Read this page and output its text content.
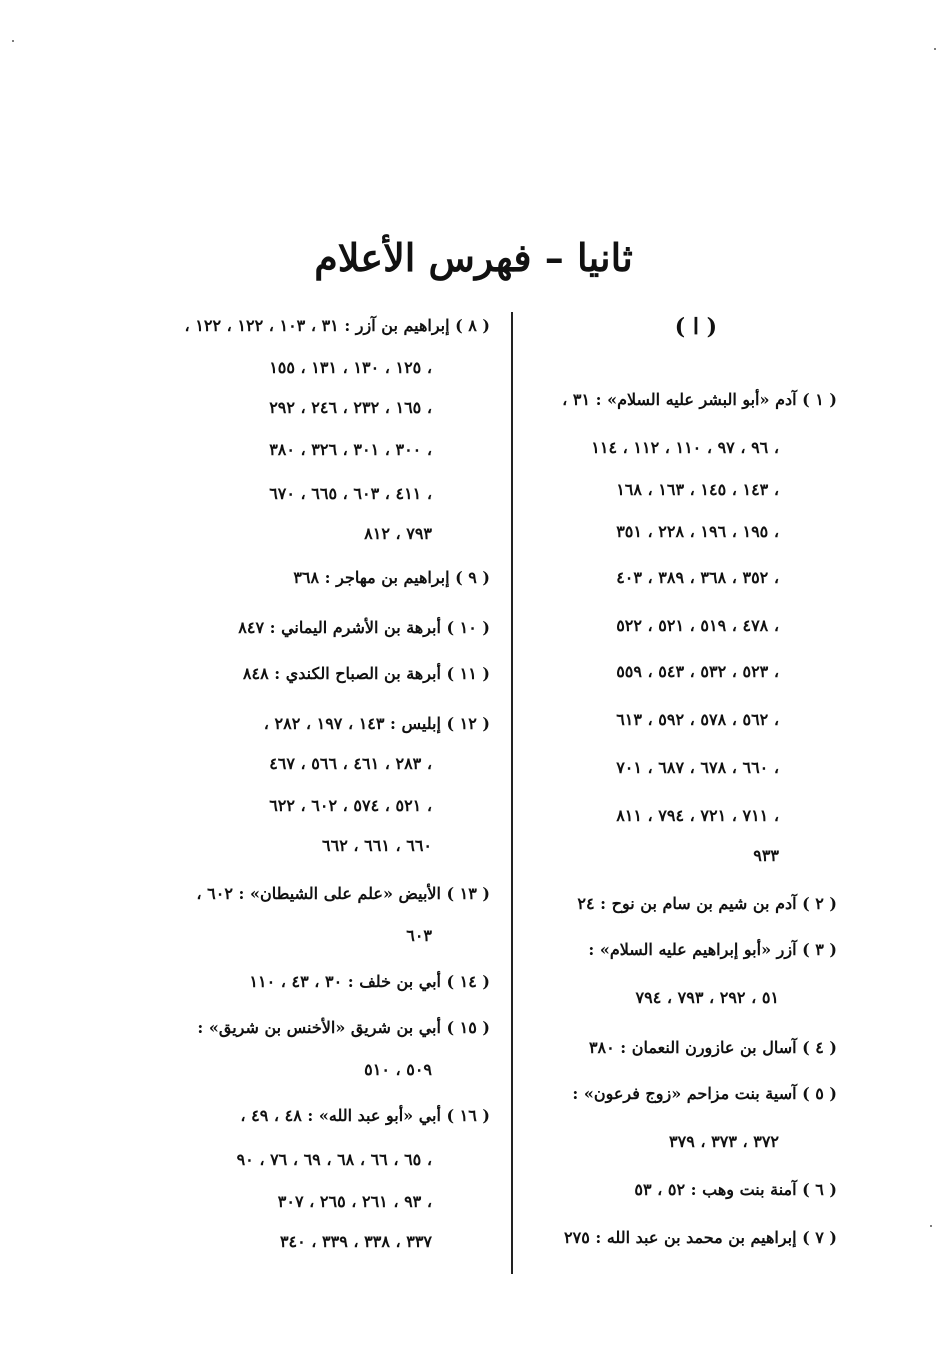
ثانيا – فهرس الأعلام
( ا )
( ١ ) آدم «أبو البشر عليه السلام» : ٣١ ،
٩٦ ، ٩٧ ، ١١٠ ، ١١٢ ، ١١٤ ،
١٤٣ ، ١٤٥ ، ١٦٣ ، ١٦٨ ،
١٩٥ ، ١٩٦ ، ٢٢٨ ، ٣٥١ ،
٣٥٢ ، ٣٦٨ ، ٣٨٩ ، ٤٠٣ ،
٤٧٨ ، ٥١٩ ، ٥٢١ ، ٥٢٢ ،
٥٢٣ ، ٥٣٢ ، ٥٤٣ ، ٥٥٩ ،
٥٦٢ ، ٥٧٨ ، ٥٩٢ ، ٦١٣ ،
٦٦٠ ، ٦٧٨ ، ٦٨٧ ، ٧٠١ ،
٧١١ ، ٧٢١ ، ٧٩٤ ، ٨١١ ،
٩٣٣
( ٢ ) آدم بن شيم بن سام بن نوح : ٢٤
( ٣ ) آزر «أبو إبراهيم عليه السلام» :
٥١ ، ٢٩٢ ، ٧٩٣ ، ٧٩٤
( ٤ ) آسال بن عازورن النعمان : ٣٨٠
( ٥ ) آسية بنت مزاحم «زوج فرعون» :
٣٧٢ ، ٣٧٣ ، ٣٧٩
( ٦ ) آمنة بنت وهب : ٥٢ ، ٥٣
( ٧ ) إبراهيم بن محمد بن عبد الله : ٢٧٥
( ٨ ) إبراهيم بن آزر : ٣١ ، ١٠٣ ، ١٢٢ ، ١٢٢ ،
١٢٥ ، ١٣٠ ، ١٣١ ، ١٥٥ ،
١٦٥ ، ٢٣٢ ، ٢٤٦ ، ٢٩٢ ،
٣٠٠ ، ٣٠١ ، ٣٢٦ ، ٣٨٠ ،
٤١١ ، ٦٠٣ ، ٦٦٥ ، ٦٧٠ ،
٧٩٣ ، ٨١٢
( ٩ ) إبراهيم بن مهاجر : ٣٦٨
( ١٠ ) أبرهة بن الأشرم اليماني : ٨٤٧
( ١١ ) أبرهة بن الصباح الكندي : ٨٤٨
( ١٢ ) إبليس : ١٤٣ ، ١٩٧ ، ٢٨٢ ،
٢٨٣ ، ٤٦١ ، ٥٦٦ ، ٤٦٧ ،
٥٢١ ، ٥٧٤ ، ٦٠٢ ، ٦٢٢ ،
٦٦٠ ، ٦٦١ ، ٦٦٢
( ١٣ ) الأبيض «علم على الشيطان» : ٦٠٢ ،
٦٠٣
( ١٤ ) أبي بن خلف : ٣٠ ، ٤٣ ، ١١٠
( ١٥ ) أبي بن شريق «الأخنس بن شريق» :
٥٠٩ ، ٥١٠
( ١٦ ) أبي «أبو عبد الله» : ٤٨ ، ٤٩ ،
٦٥ ، ٦٦ ، ٦٨ ، ٦٩ ، ٧٦ ، ٩٠ ،
٩٣ ، ٢٦١ ، ٢٦٥ ، ٣٠٧ ،
٣٣٧ ، ٣٣٨ ، ٣٣٩ ، ٣٤٠
